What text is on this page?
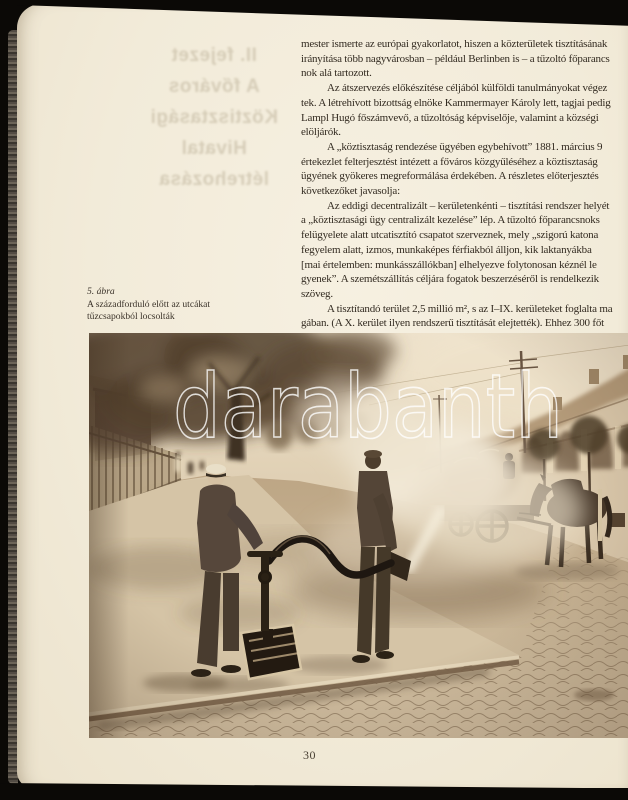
II. fejezet
A főváros
Köztisztasági
Hivatal
létrehozása
mester ismerte az európai gyakorlatot, hiszen a közterületek tisztításának
irányítása több nagyvárosban – például Berlinben is – a tűzoltó főparancs
nok alá tartozott.
Az átszervezés előkészítése céljából külföldi tanulmányokat végez
tek. A létrehívott bizottság elnöke Kammermayer Károly lett, tagjai pedig
Lampl Hugó főszámvevő, a tűzoltóság képviselője, valamint a községi
elöljárók.
A „köztisztaság rendezése ügyében egybehívott” 1881. március 9
értekezlet felterjesztést intézett a főváros közgyűléséhez a köztisztaság
ügyének gyökeres megreformálása érdekében. A részletes előterjesztés
következőket javasolja:
Az eddigi decentralizált – kerületenkénti – tisztítási rendszer helyét
a „köztisztasági ügy centralizált kezelése” lép. A tűzoltó főparancsnoks
felügyelete alatt utcatisztító csapatot szerveznek, mely „szigorú katona
fegyelem alatt, izmos, munkaképes férfiakból álljon, kik laktanyákba
[mai értelemben: munkásszállókban] elhelyezve folytonosan kéznél le
gyenek”. A szemétszállítás céljára fogatok beszerzéséről is rendelkezik
szöveg.
A tisztítandó terület 2,5 millió m², s az I–IX. kerületeket foglalta ma
gában. (A X. kerület ilyen rendszerű tisztítását elejtették). Ehhez 300 főt
5. ábra
A századforduló előtt az utcákat
tűzcsapokból locsolták
darabanth
30
